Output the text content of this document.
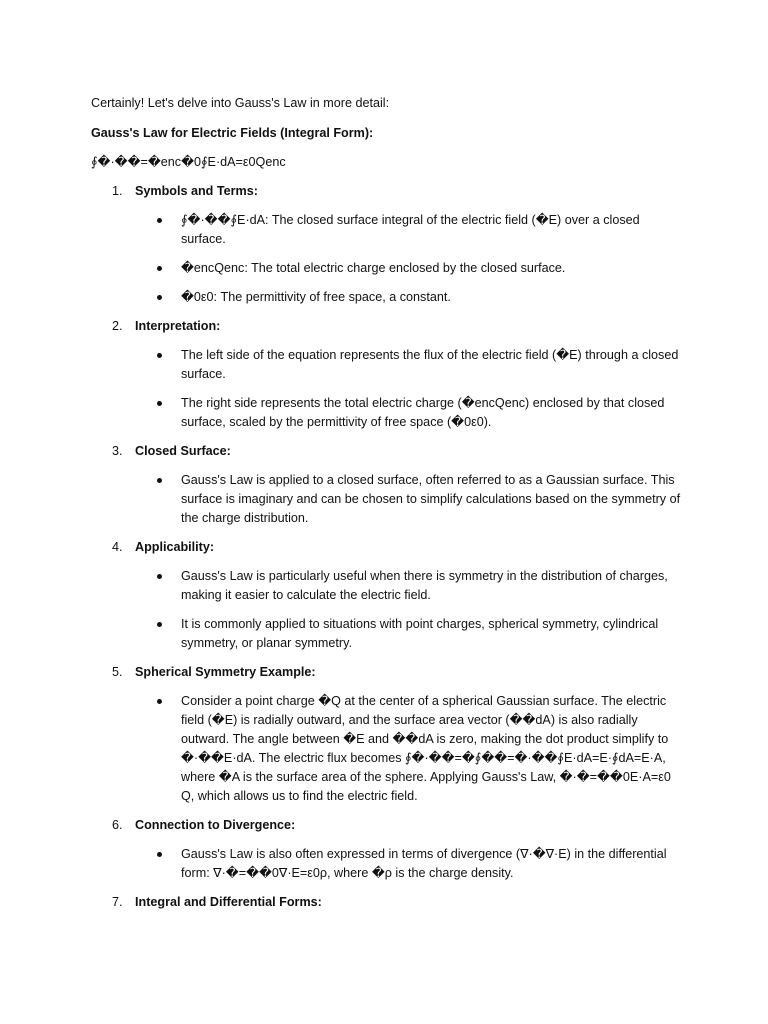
Certainly! Let's delve into Gauss's Law in more detail:

Gauss's Law for Electric Fields (Integral Form):

∮�·��=�enc�0∮E·dA=ε0Qenc

1. Symbols and Terms:
∮�·��∮E·dA: The closed surface integral of the electric field (�E) over a closed surface.
�encQenc: The total electric charge enclosed by the closed surface.
�0ε0: The permittivity of free space, a constant.
2. Interpretation:
The left side of the equation represents the flux of the electric field (�E) through a closed surface.
The right side represents the total electric charge (�encQenc) enclosed by that closed surface, scaled by the permittivity of free space (�0ε0).
3. Closed Surface:
Gauss's Law is applied to a closed surface, often referred to as a Gaussian surface. This surface is imaginary and can be chosen to simplify calculations based on the symmetry of the charge distribution.
4. Applicability:
Gauss's Law is particularly useful when there is symmetry in the distribution of charges, making it easier to calculate the electric field.
It is commonly applied to situations with point charges, spherical symmetry, cylindrical symmetry, or planar symmetry.
5. Spherical Symmetry Example:
Consider a point charge �Q at the center of a spherical Gaussian surface. The electric field (�E) is radially outward, and the surface area vector (��dA) is also radially outward. The angle between �E and ��dA is zero, making the dot product simplify to �·��E·dA. The electric flux becomes ∮�·��=�∮��=�·��∮E·dA=E·∮dA=E·A, where �A is the surface area of the sphere. Applying Gauss's Law, �·�=��0E·A=ε0 Q, which allows us to find the electric field.
6. Connection to Divergence:
Gauss's Law is also often expressed in terms of divergence (∇·�∇·E) in the differential form: ∇·�=��0∇·E=ε0ρ, where �ρ is the charge density.
7. Integral and Differential Forms:
